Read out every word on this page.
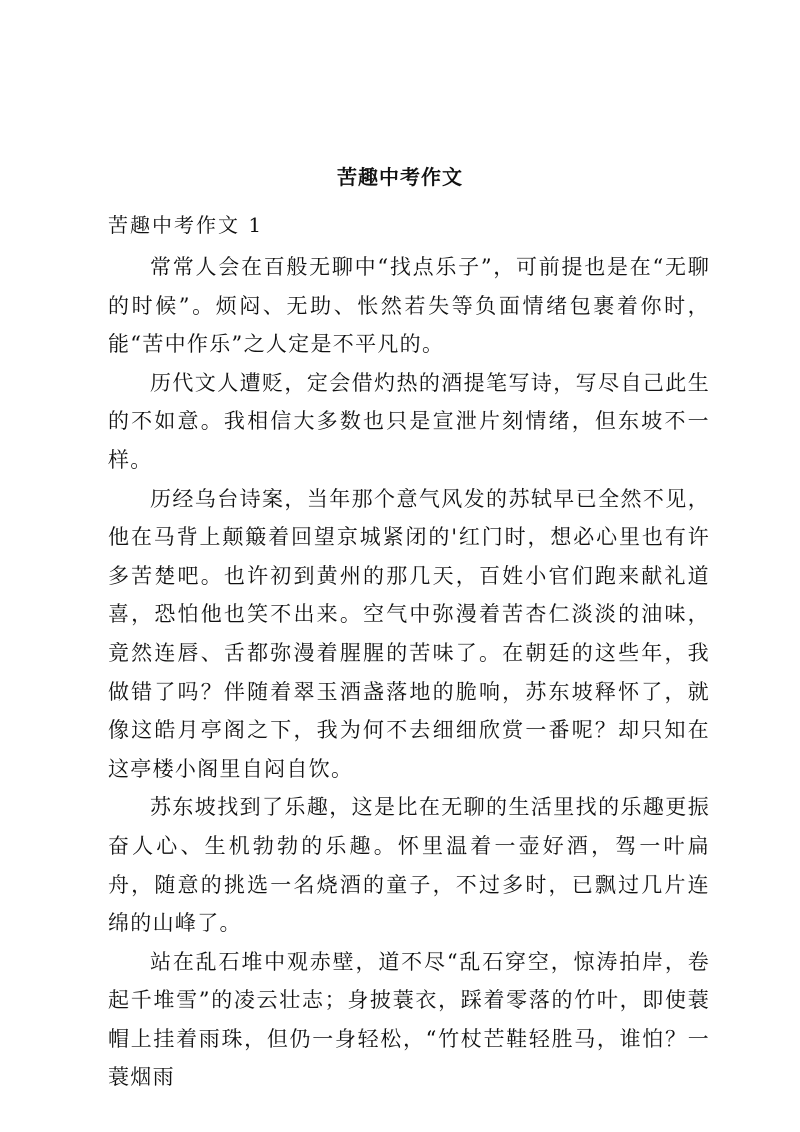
苦趣中考作文
苦趣中考作文 1

常常人会在百般无聊中“找点乐子”，可前提也是在“无聊的时候”。烦闷、无助、怅然若失等负面情绪包裹着你时，能“苦中作乐”之人定是不平凡的。

历代文人遭贬，定会借灼热的酒提笔写诗，写尽自己此生的不如意。我相信大多数也只是宣泄片刻情绪，但东坡不一样。

历经乌台诗案，当年那个意气风发的苏轼早已全然不见，他在马背上颠簸着回望京城紧闭的'红门时，想必心里也有许多苦楚吧。也许初到黄州的那几天，百姓小官们跑来献礼道喜，恐怕他也笑不出来。空气中弥漫着苦杏仁淡淡的油味，竟然连唇、舌都弥漫着腥腥的苦味了。在朝廷的这些年，我做错了吗？伴随着翠玉酒盏落地的脆响，苏东坡释怀了，就像这皓月亭阁之下，我为何不去细细欣赏一番呢？却只知在这亭楼小阁里自闷自饮。

苏东坡找到了乐趣，这是比在无聊的生活里找的乐趣更振奋人心、生机勃勃的乐趣。怀里温着一壶好酒，驾一叶扁舟，随意的挑选一名烧酒的童子，不过多时，已飘过几片连绵的山峰了。

站在乱石堆中观赤壁，道不尽“乱石穿空，惊涛拍岸，卷起千堆雪”的凌云壮志；身披蓑衣，踩着零落的竹叶，即使蓑帽上挂着雨珠，但仍一身轻松，“竹杖芒鞋轻胜马，谁怕？一蓑烟雨
